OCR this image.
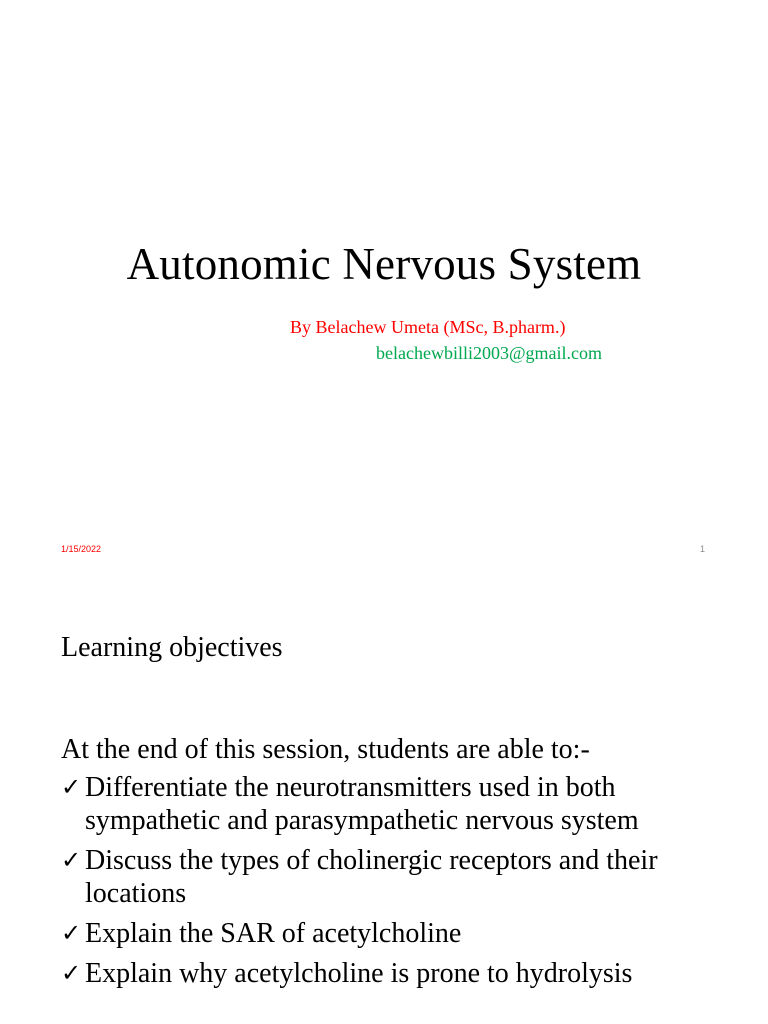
Autonomic Nervous System
By Belachew Umeta (MSc, B.pharm.)
belachewbilli2003@gmail.com
1/15/2022	1
Learning objectives
At the end of this session, students are able to:-
✓ Differentiate the neurotransmitters used in both
sympathetic and parasympathetic nervous system
✓ Discuss the types of cholinergic receptors and their
locations
✓ Explain the SAR of acetylcholine
✓ Explain why acetylcholine is prone to hydrolysis
